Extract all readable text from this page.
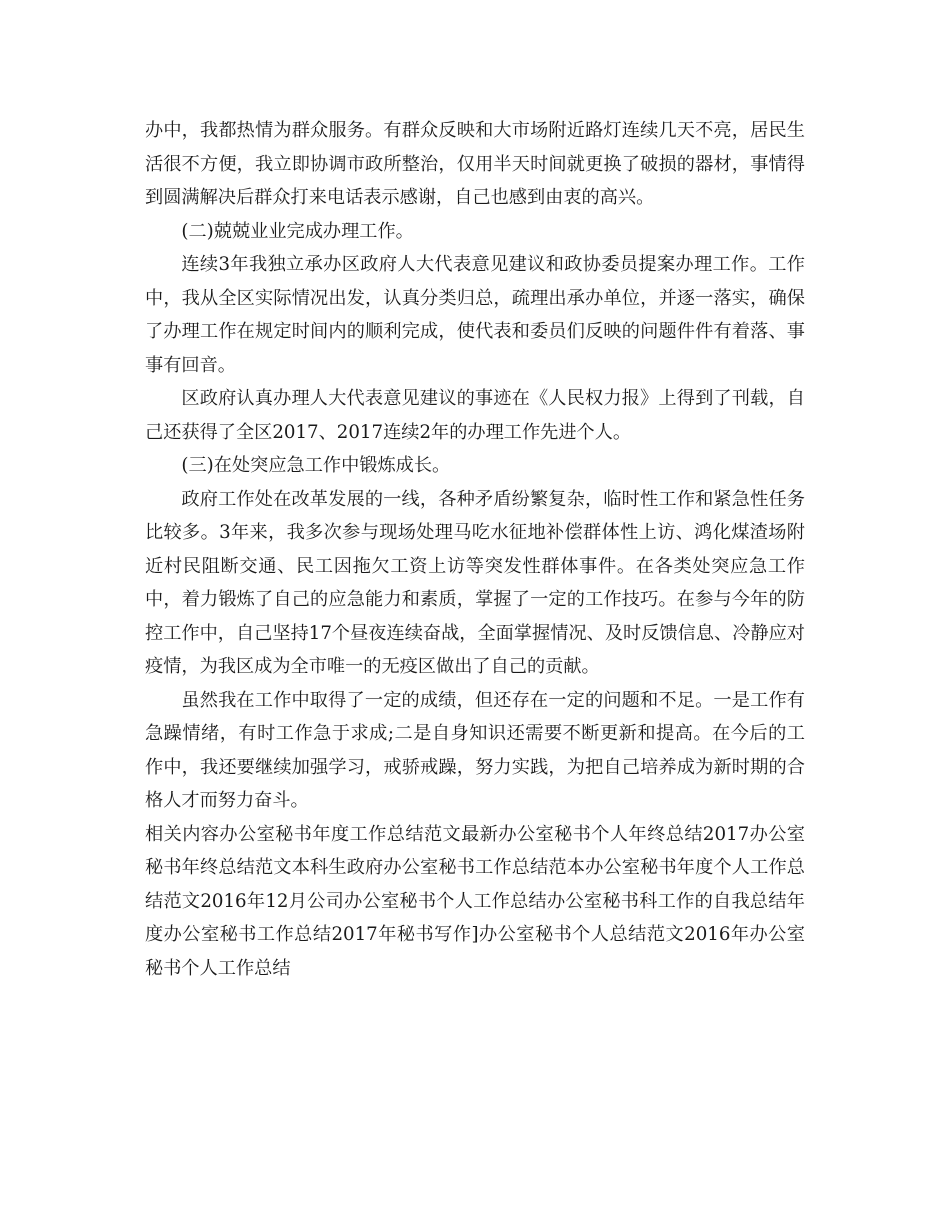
办中，我都热情为群众服务。有群众反映和大市场附近路灯连续几天不亮，居民生活很不方便，我立即协调市政所整治，仅用半天时间就更换了破损的器材，事情得到圆满解决后群众打来电话表示感谢，自己也感到由衷的高兴。

(二)兢兢业业完成办理工作。

连续3年我独立承办区政府人大代表意见建议和政协委员提案办理工作。工作中，我从全区实际情况出发，认真分类归总，疏理出承办单位，并逐一落实，确保了办理工作在规定时间内的顺利完成，使代表和委员们反映的问题件件有着落、事事有回音。

区政府认真办理人大代表意见建议的事迹在《人民权力报》上得到了刊载，自己还获得了全区2017、2017连续2年的办理工作先进个人。

(三)在处突应急工作中锻炼成长。

政府工作处在改革发展的一线，各种矛盾纷繁复杂，临时性工作和紧急性任务比较多。3年来，我多次参与现场处理马吃水征地补偿群体性上访、鸿化煤渣场附近村民阻断交通、民工因拖欠工资上访等突发性群体事件。在各类处突应急工作中，着力锻炼了自己的应急能力和素质，掌握了一定的工作技巧。在参与今年的防控工作中，自己坚持17个昼夜连续奋战，全面掌握情况、及时反馈信息、冷静应对疫情，为我区成为全市唯一的无疫区做出了自己的贡献。

虽然我在工作中取得了一定的成绩，但还存在一定的问题和不足。一是工作有急躁情绪，有时工作急于求成;二是自身知识还需要不断更新和提高。在今后的工作中，我还要继续加强学习，戒骄戒躁，努力实践，为把自己培养成为新时期的合格人才而努力奋斗。

相关内容办公室秘书年度工作总结范文最新办公室秘书个人年终总结2017办公室秘书年终总结范文本科生政府办公室秘书工作总结范本办公室秘书年度个人工作总结范文2016年12月公司办公室秘书个人工作总结办公室秘书科工作的自我总结年度办公室秘书工作总结2017年秘书写作]办公室秘书个人总结范文2016年办公室秘书个人工作总结
